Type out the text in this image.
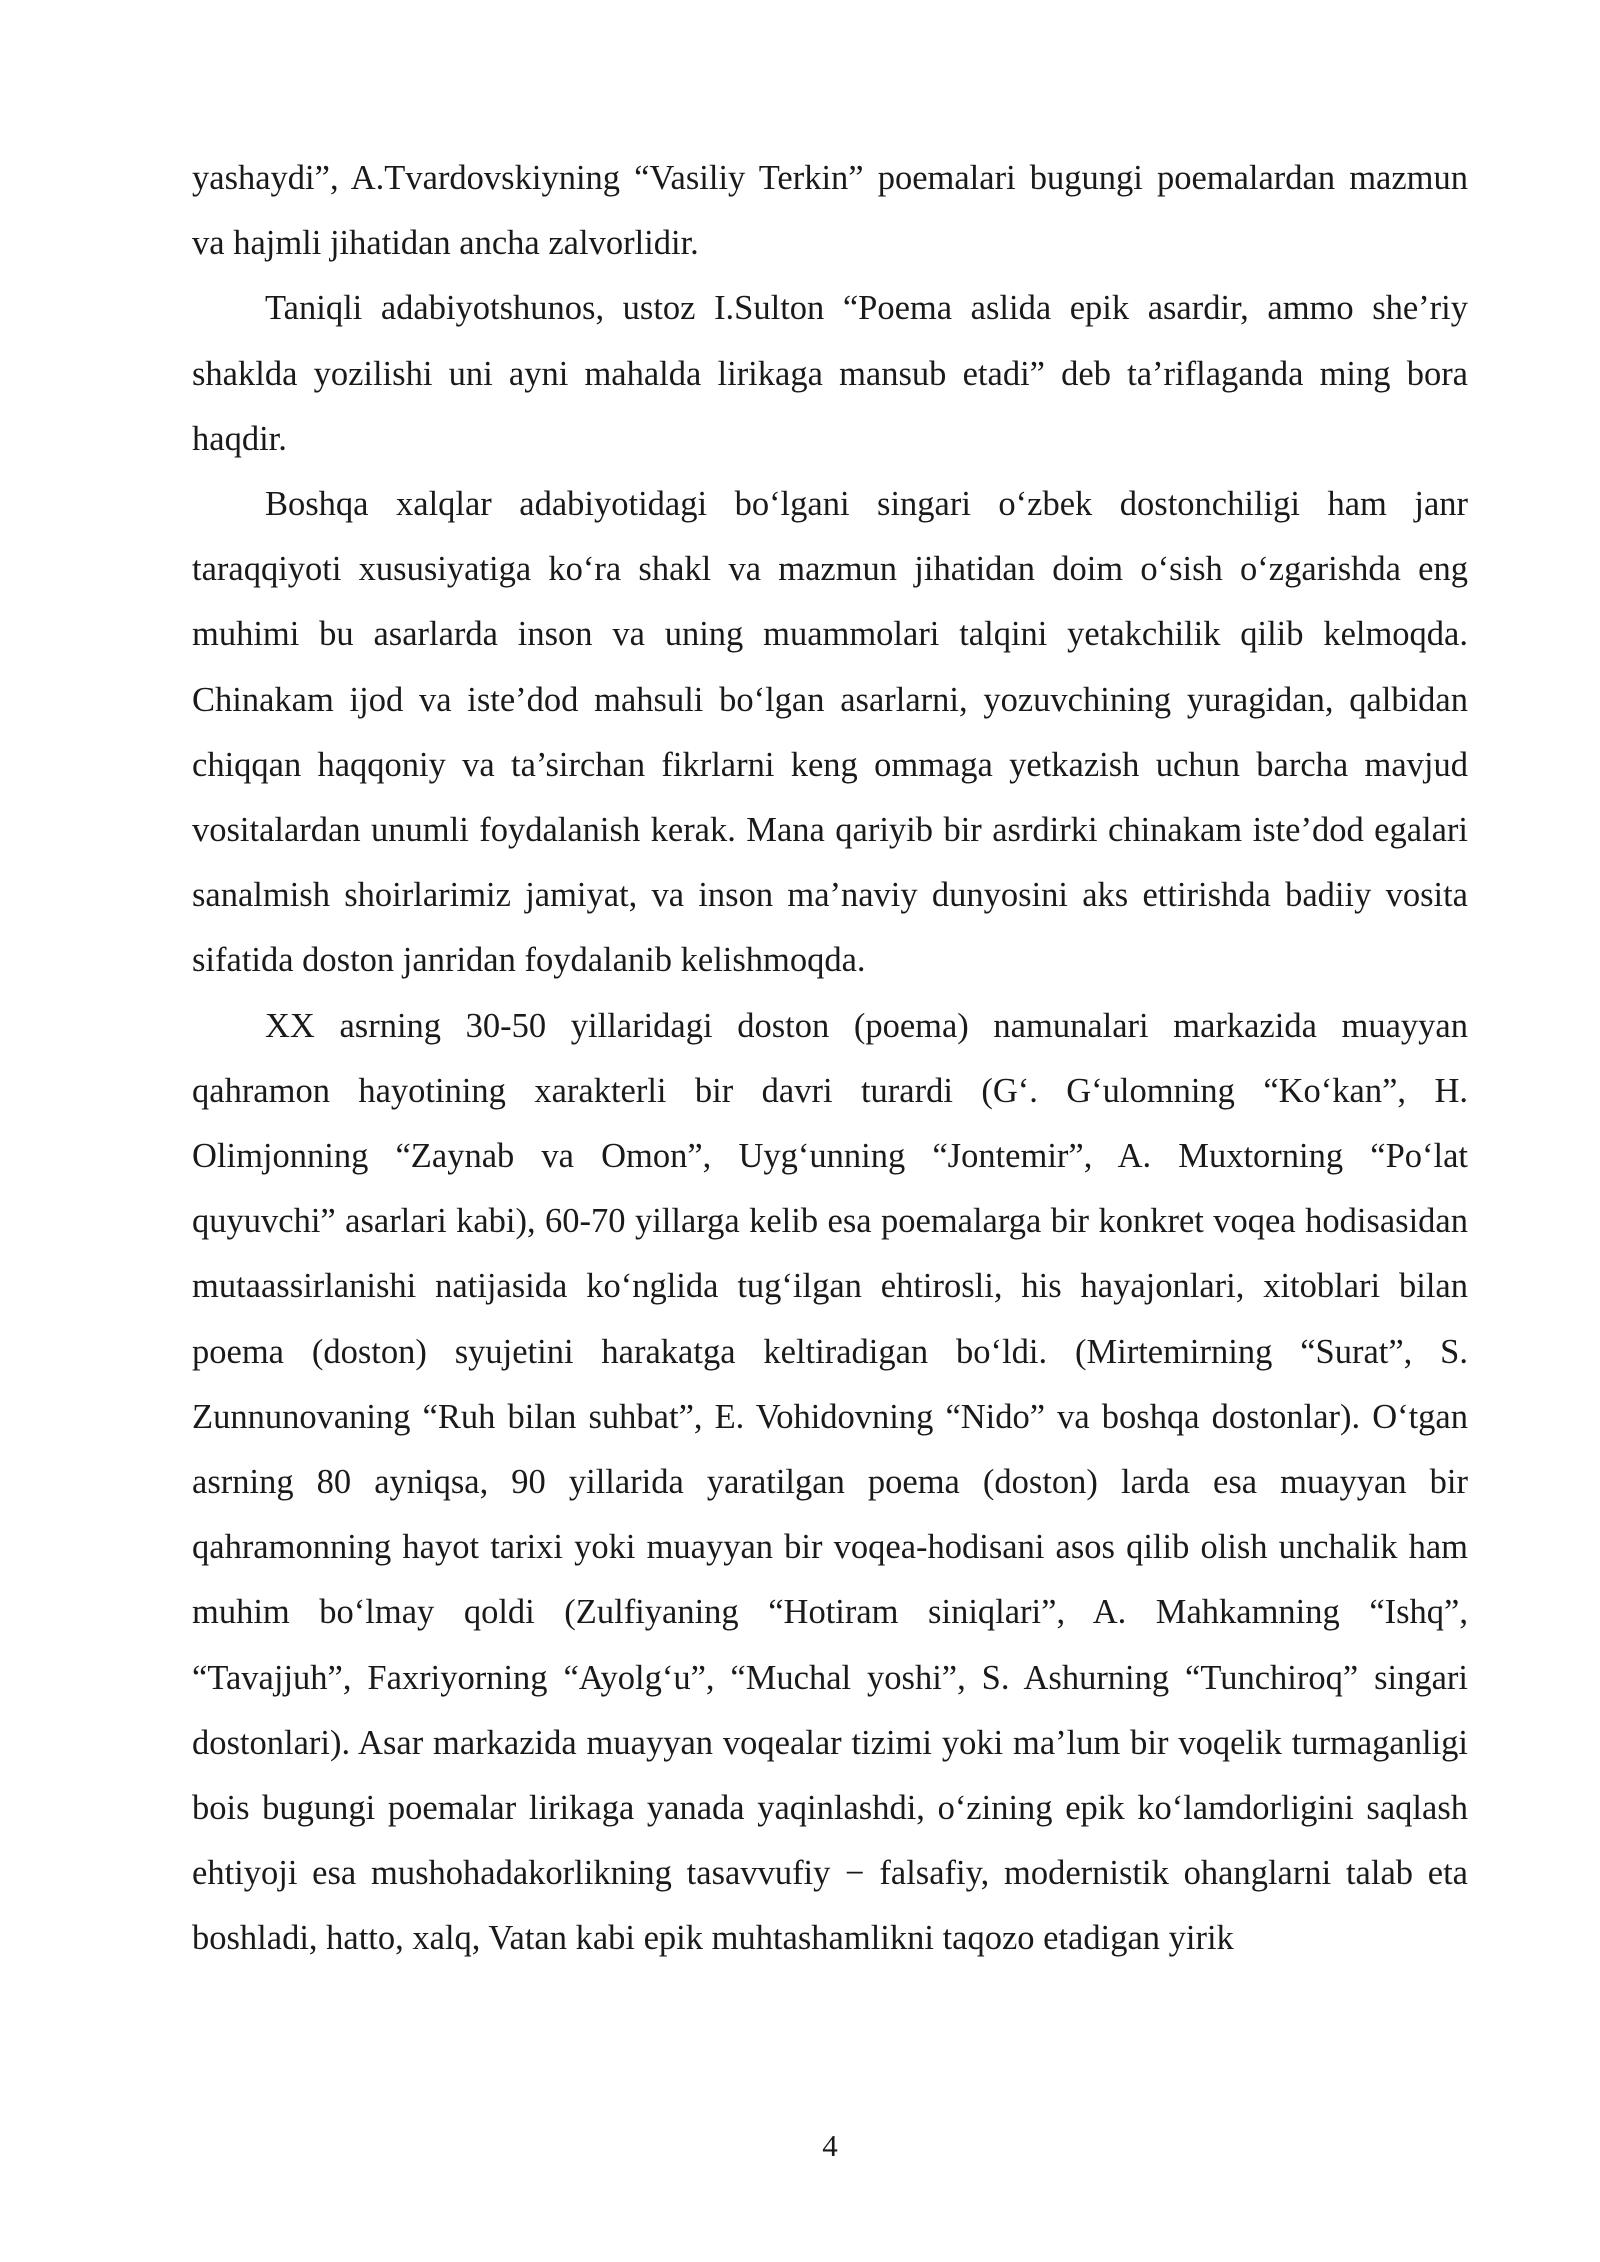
yashaydi”, A.Tvardovskiyning “Vasiliy Terkin” poemalari bugungi poemalardan mazmun va hajmli jihatidan ancha zalvorlidir.

Taniqli adabiyotshunos, ustoz I.Sulton “Poema aslida epik asardir, ammo she’riy shaklda yozilishi uni ayni mahalda lirikaga mansub etadi” deb ta’riflaganda ming bora haqdir.

Boshqa xalqlar adabiyotidagi bo‘lgani singari o‘zbek dostonchiligi ham janr taraqqiyoti xususiyatiga ko‘ra shakl va mazmun jihatidan doim o‘sish o‘zgarishda eng muhimi bu asarlarda inson va uning muammolari talqini yetakchilik qilib kelmoqda. Chinakam ijod va iste’dod mahsuli bo‘lgan asarlarni, yozuvchining yuragidan, qalbidan chiqqan haqqoniy va ta’sirchan fikrlarni keng ommaga yetkazish uchun barcha mavjud vositalardan unumli foydalanish kerak. Mana qariyib bir asrdirki chinakam iste’dod egalari sanalmish shoirlarimiz jamiyat, va inson ma’naviy dunyosini aks ettirishda badiiy vosita sifatida doston janridan foydalanib kelishmoqda.

XX asrning 30-50 yillaridagi doston (poema) namunalari markazida muayyan qahramon hayotining xarakterli bir davri turardi (G‘. G‘ulomning “Ko‘kan”, H. Olimjonning “Zaynab va Omon”, Uyg‘unning “Jontemir”, A. Muxtorning “Po‘lat quyuvchi” asarlari kabi), 60-70 yillarga kelib esa poemalarga bir konkret voqea hodisasidan mutaassirlanishi natijasida ko‘nglida tug‘ilgan ehtirosli, his hayajonlari, xitoblari bilan poema (doston) syujetini harakatga keltiradigan bo‘ldi. (Mirtemirning “Surat”, S. Zunnunovaning “Ruh bilan suhbat”, E. Vohidovning “Nido” va boshqa dostonlar). O‘tgan asrning 80 ayniqsa, 90 yillarida yaratilgan poema (doston) larda esa muayyan bir qahramonning hayot tarixi yoki muayyan bir voqea-hodisani asos qilib olish unchalik ham muhim bo‘lmay qoldi (Zulfiyaning “Hotiram siniqlari”, A. Mahkamning “Ishq”, “Tavajjuh”, Faxriyorning “Ayolg‘u”, “Muchal yoshi”, S. Ashurning “Tunchiroq” singari dostonlari). Asar markazida muayyan voqealar tizimi yoki ma’lum bir voqelik turmaganligi bois bugungi poemalar lirikaga yanada yaqinlashdi, o‘zining epik ko‘lamdorligini saqlash ehtiyoji esa mushohadakorlikning tasavvufiy − falsafiy, modernistik ohanglarni talab eta boshladi, hatto, xalq, Vatan kabi epik muhtashamlikni taqozo etadigan yirik

4
